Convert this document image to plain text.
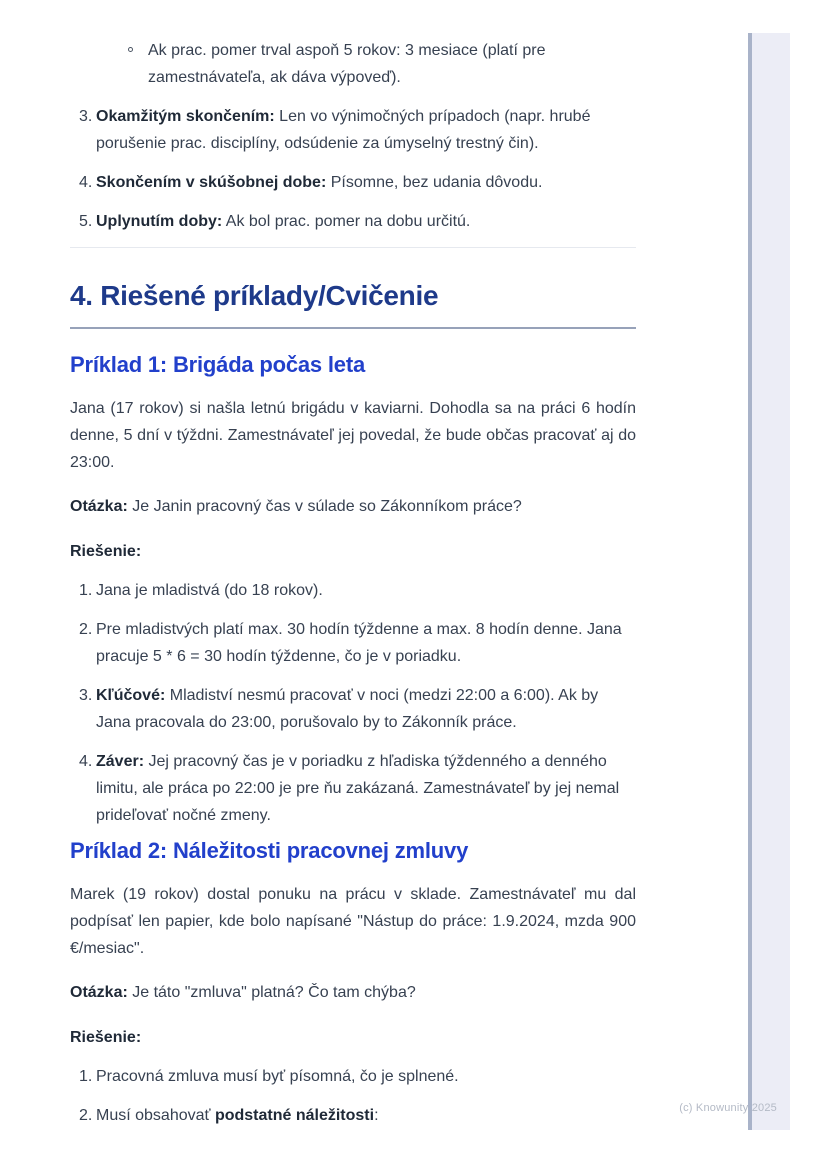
Ak prac. pomer trval aspoň 5 rokov: 3 mesiace (platí pre zamestnávateľa, ak dáva výpoveď).
3. Okamžitým skončením: Len vo výnimočných prípadoch (napr. hrubé porušenie prac. disciplíny, odsúdenie za úmyselný trestný čin).
4. Skončením v skúšobnej dobe: Písomne, bez udania dôvodu.
5. Uplynutím doby: Ak bol prac. pomer na dobu určitú.
4. Riešené príklady/Cvičenie
Príklad 1: Brigáda počas leta

Jana (17 rokov) si našla letnú brigádu v kaviarni. Dohodla sa na práci 6 hodín denne, 5 dní v týždni. Zamestnávateľ jej povedal, že bude občas pracovať aj do 23:00.

Otázka: Je Janin pracovný čas v súlade so Zákonníkom práce?

Riešenie:

1. Jana je mladistvá (do 18 rokov).
2. Pre mladistvých platí max. 30 hodín týždenne a max. 8 hodín denne. Jana pracuje 5 * 6 = 30 hodín týždenne, čo je v poriadku.
3. Kľúčové: Mladiství nesmú pracovať v noci (medzi 22:00 a 6:00). Ak by Jana pracovala do 23:00, porušovalo by to Zákonník práce.
4. Záver: Jej pracovný čas je v poriadku z hľadiska týždenného a denného limitu, ale práca po 22:00 je pre ňu zakázaná. Zamestnávateľ by jej nemal prideľovať nočné zmeny.
Príklad 2: Náležitosti pracovnej zmluvy

Marek (19 rokov) dostal ponuku na prácu v sklade. Zamestnávateľ mu dal podpísať len papier, kde bolo napísané "Nástup do práce: 1.9.2024, mzda 900 €/mesiac".

Otázka: Je táto "zmluva" platná? Čo tam chýba?

Riešenie:

1. Pracovná zmluva musí byť písomná, čo je splnené.
2. Musí obsahovať podstatné náležitosti:	(c) Knowunity 2025
